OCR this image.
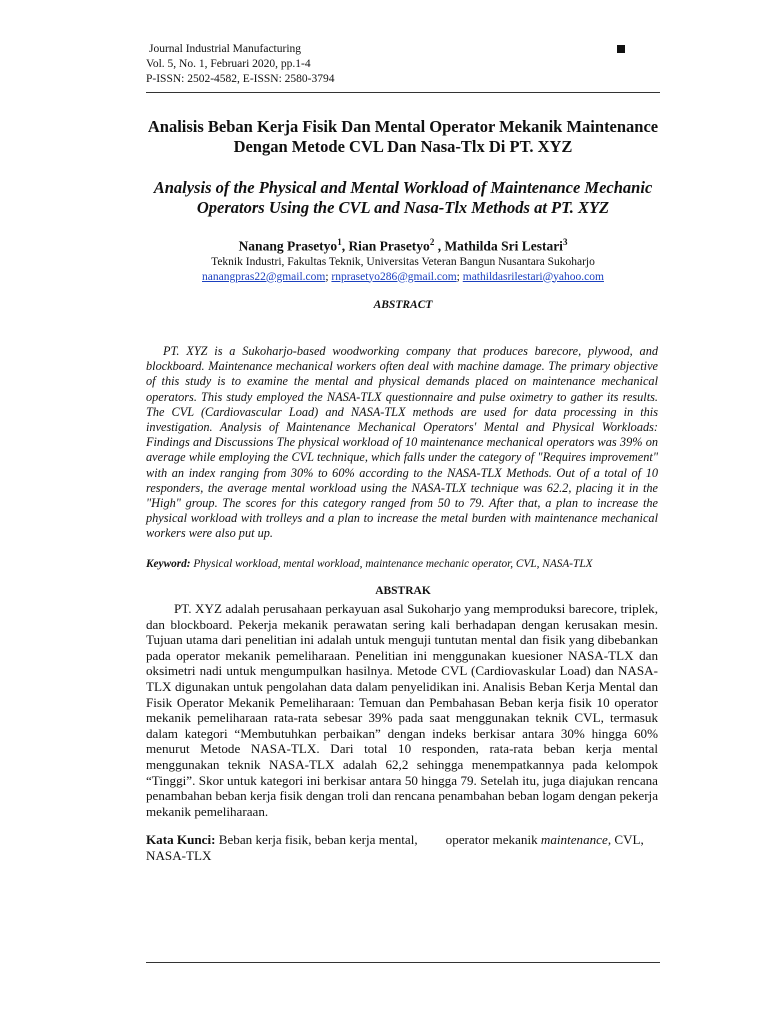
Journal Industrial Manufacturing
Vol. 5, No. 1, Februari 2020, pp.1-4
P-ISSN: 2502-4582, E-ISSN: 2580-3794

Analisis Beban Kerja Fisik Dan Mental Operator Mekanik Maintenance Dengan Metode CVL Dan Nasa-Tlx Di PT. XYZ

Analysis of the Physical and Mental Workload of Maintenance Mechanic Operators Using the CVL and Nasa-Tlx Methods at PT. XYZ

Nanang Prasetyo$^1$, Rian Prasetyo$^2$ , Mathilda Sri Lestari$^3$

Teknik Industri, Fakultas Teknik, Universitas Veteran Bangun Nusantara Sukoharjo

nanangpras22@gmail.com; rnprasetyo286@gmail.com; mathildasrilestari@yahoo.com

ABSTRACT

PT. XYZ is a Sukoharjo-based woodworking company that produces barecore, plywood, and blockboard. Maintenance mechanical workers often deal with machine damage. The primary objective of this study is to examine the mental and physical demands placed on maintenance mechanical operators. This study employed the NASA-TLX questionnaire and pulse oximetry to gather its results. The CVL (Cardiovascular Load) and NASA-TLX methods are used for data processing in this investigation. Analysis of Maintenance Mechanical Operators' Mental and Physical Workloads: Findings and Discussions The physical workload of 10 maintenance mechanical operators was 39% on average while employing the CVL technique, which falls under the category of "Requires improvement" with an index ranging from 30% to 60% according to the NASA-TLX Methods. Out of a total of 10 responders, the average mental workload using the NASA-TLX technique was 62.2, placing it in the "High" group. The scores for this category ranged from 50 to 79. After that, a plan to increase the physical workload with trolleys and a plan to increase the metal burden with maintenance mechanical workers were also put up.

Keyword: Physical workload, mental workload, maintenance mechanic operator, CVL, NASA-TLX

ABSTRAK

PT. XYZ adalah perusahaan perkayuan asal Sukoharjo yang memproduksi barecore, triplek, dan blockboard. Pekerja mekanik perawatan sering kali berhadapan dengan kerusakan mesin. Tujuan utama dari penelitian ini adalah untuk menguji tuntutan mental dan fisik yang dibebankan pada operator mekanik pemeliharaan. Penelitian ini menggunakan kuesioner NASA-TLX dan oksimetri nadi untuk mengumpulkan hasilnya. Metode CVL (Cardiovaskular Load) dan NASA-TLX digunakan untuk pengolahan data dalam penyelidikan ini. Analisis Beban Kerja Mental dan Fisik Operator Mekanik Pemeliharaan: Temuan dan Pembahasan Beban kerja fisik 10 operator mekanik pemeliharaan rata-rata sebesar 39% pada saat menggunakan teknik CVL, termasuk dalam kategori “Membutuhkan perbaikan” dengan indeks berkisar antara 30% hingga 60% menurut Metode NASA-TLX. Dari total 10 responden, rata-rata beban kerja mental menggunakan teknik NASA-TLX adalah 62,2 sehingga menempatkannya pada kelompok “Tinggi”. Skor untuk kategori ini berkisar antara 50 hingga 79. Setelah itu, juga diajukan rencana penambahan beban kerja fisik dengan troli dan rencana penambahan beban logam dengan pekerja mekanik pemeliharaan.

Kata Kunci: Beban kerja fisik, beban kerja mental, operator mekanik maintenance, CVL, NASA-TLX
